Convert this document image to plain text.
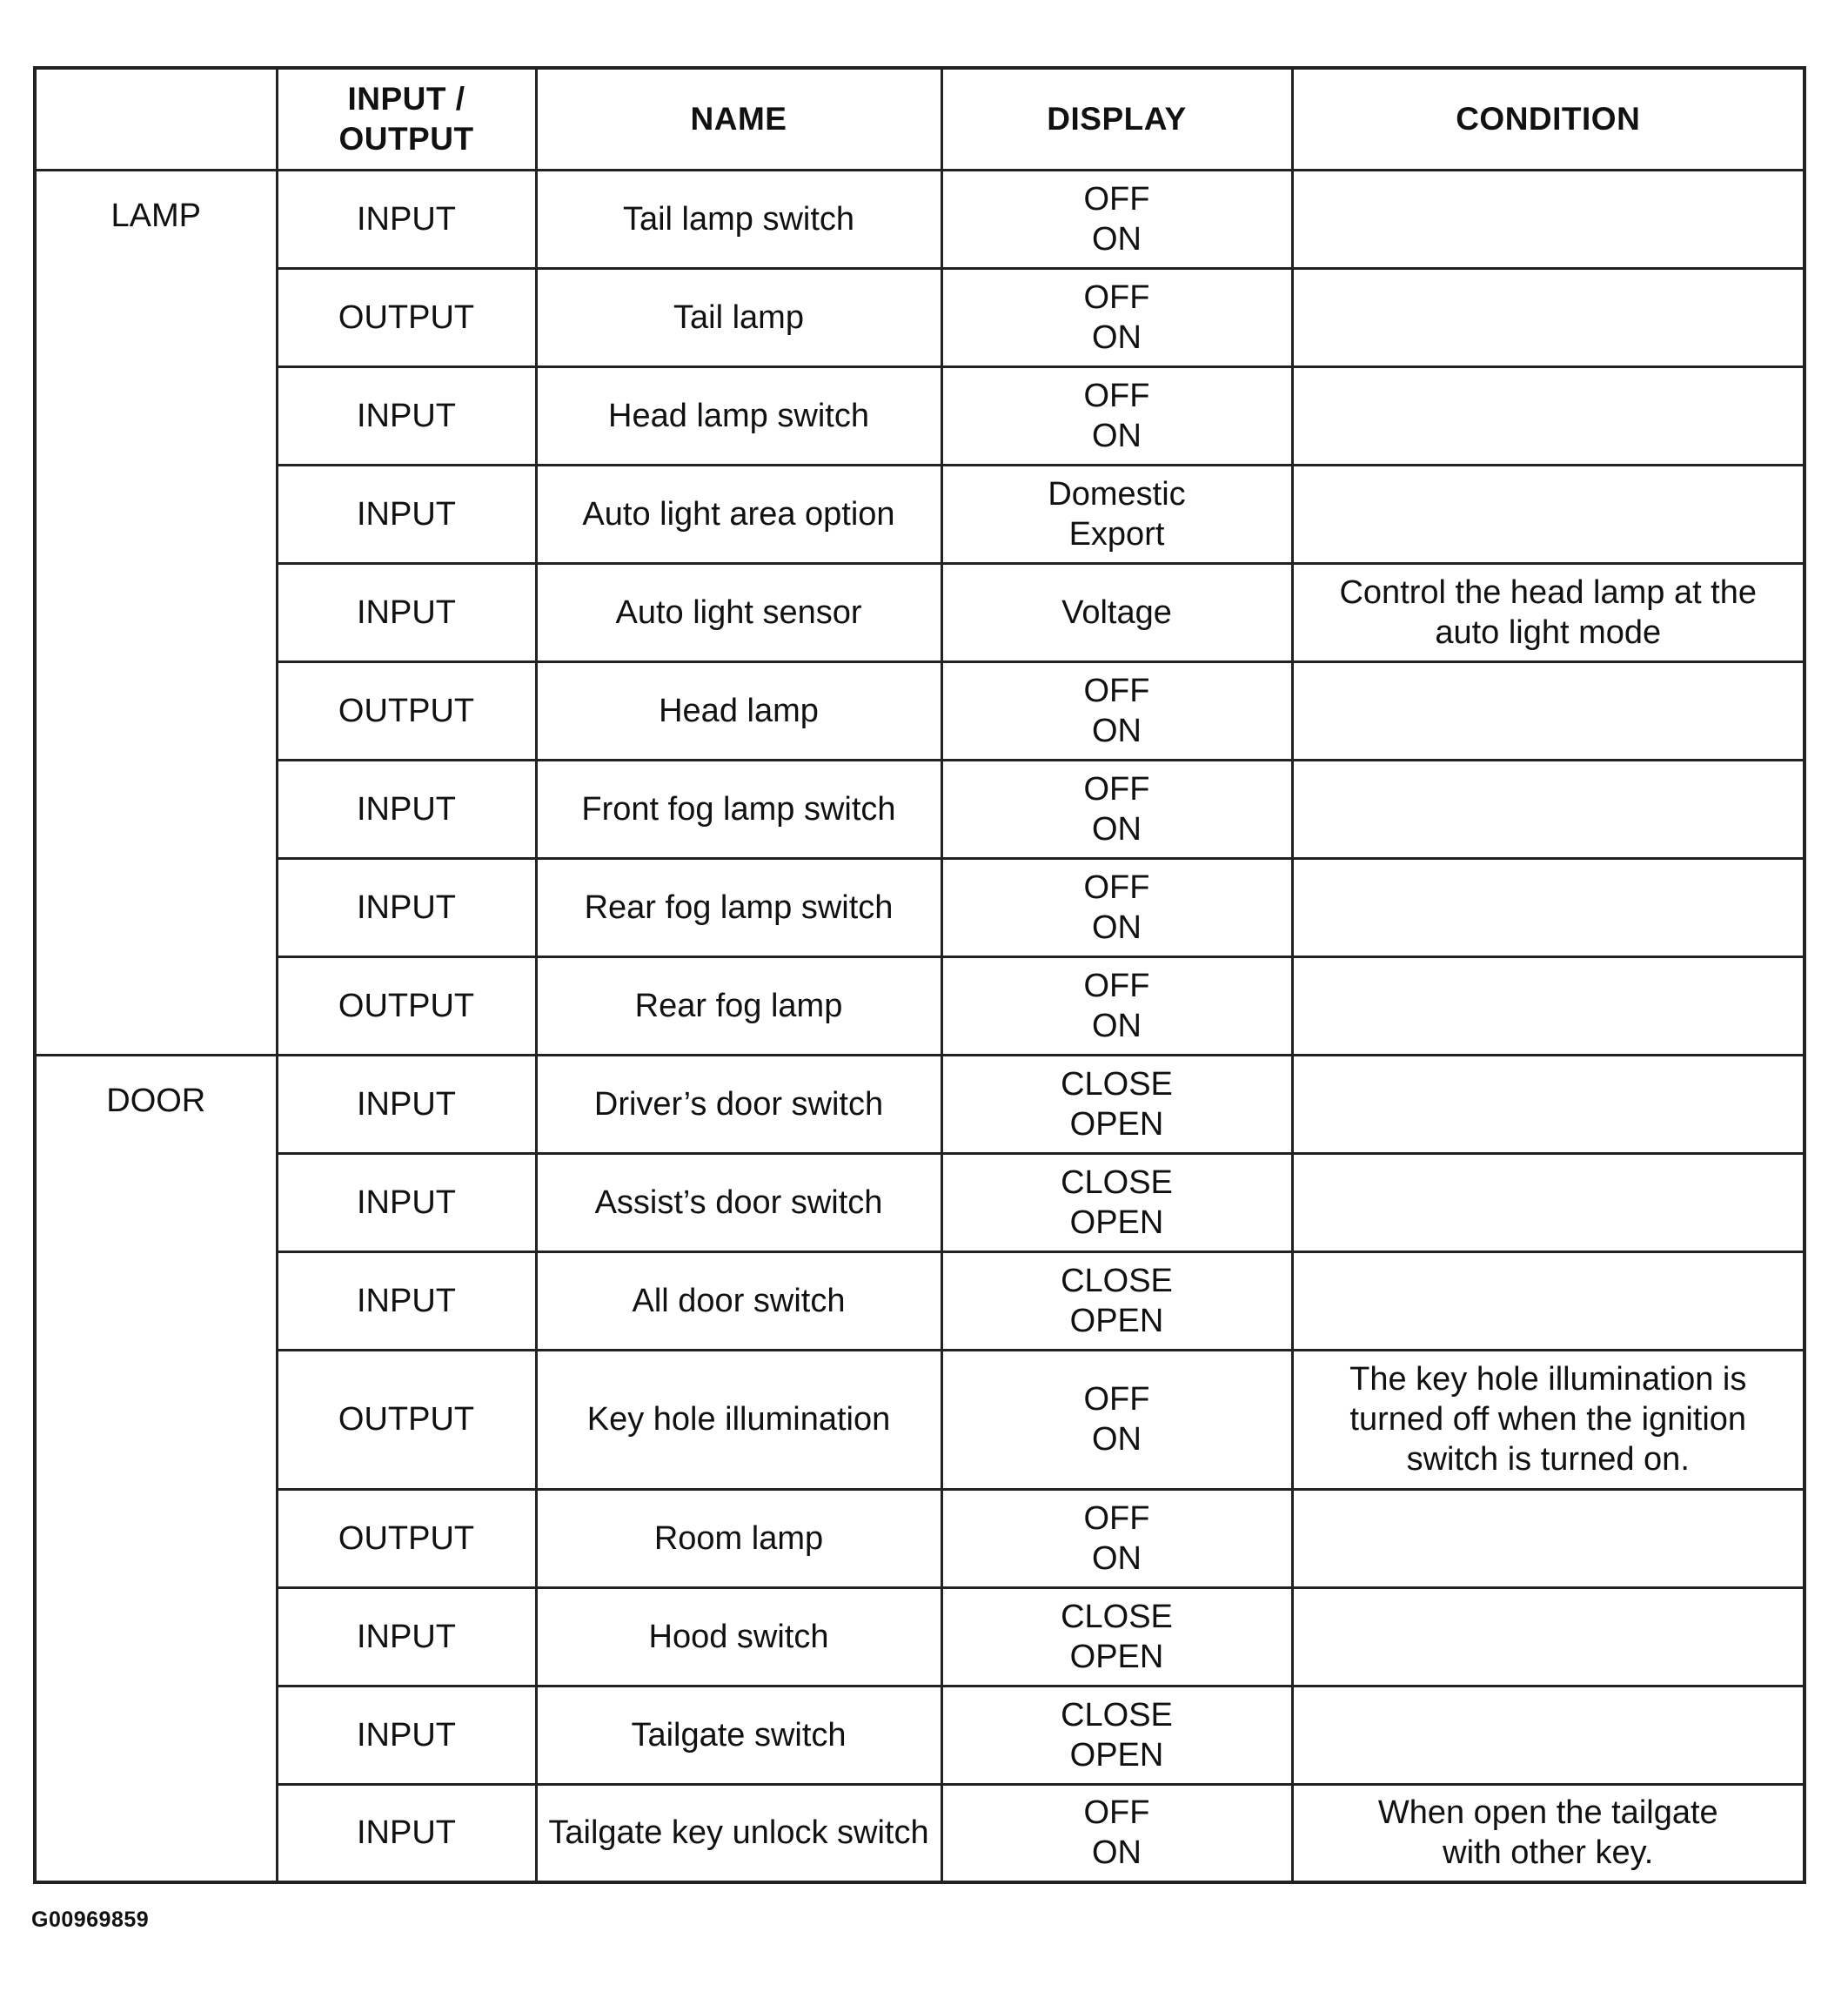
	INPUT /
OUTPUT	NAME	DISPLAY	CONDITION
LAMP	INPUT	Tail lamp switch	OFF
ON	

	OUTPUT	Tail lamp	OFF
ON	

	INPUT	Head lamp switch	OFF
ON	

	INPUT	Auto light area option	Domestic
Export	

	INPUT	Auto light sensor	Voltage	Control the head lamp at the
auto light mode

	OUTPUT	Head lamp	OFF
ON	

	INPUT	Front fog lamp switch	OFF
ON	

	INPUT	Rear fog lamp switch	OFF
ON	

	OUTPUT	Rear fog lamp	OFF
ON	

DOOR	INPUT	Driver’s door switch	CLOSE
OPEN	

	INPUT	Assist’s door switch	CLOSE
OPEN	

	INPUT	All door switch	CLOSE
OPEN	

	OUTPUT	Key hole illumination	OFF
ON	The key hole illumination is
turned off when the ignition
switch is turned on.

	OUTPUT	Room lamp	OFF
ON	

	INPUT	Hood switch	CLOSE
OPEN	

	INPUT	Tailgate switch	CLOSE
OPEN	

	INPUT	Tailgate key unlock switch	OFF
ON	When open the tailgate
with other key.
G00969859
